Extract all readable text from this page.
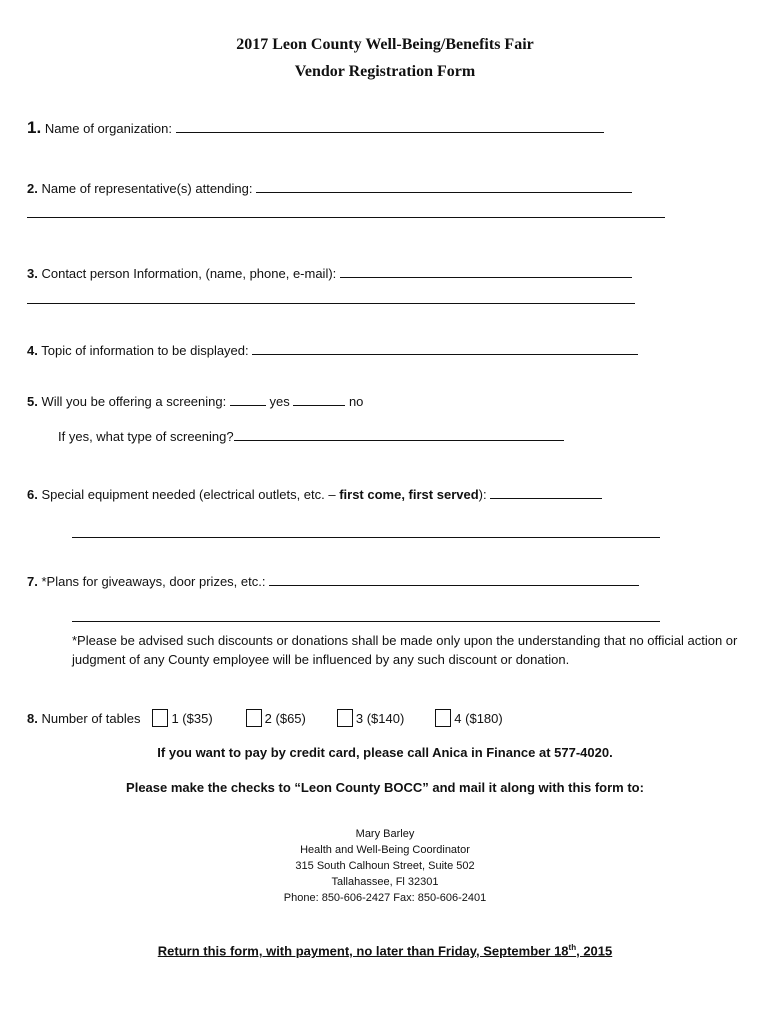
2017 Leon County Well-Being/Benefits Fair
Vendor Registration Form
1. Name of organization:
2. Name of representative(s) attending:
3. Contact person Information, (name, phone, e-mail):
4. Topic of information to be displayed:
5. Will you be offering a screening:	yes	no
If yes, what type of screening?
6. Special equipment needed (electrical outlets, etc. – first come, first served):
7. *Plans for giveaways, door prizes, etc.:
*Please be advised such discounts or donations shall be made only upon the understanding that no official action or judgment of any County employee will be influenced by any such discount or donation.
8.
Number of tables 1 ($35)	2 ($65)	3 ($140)	4 ($180)
If you want to pay by credit card, please call Anica in Finance at 577-4020.
Please make the checks to “Leon County BOCC” and mail it along with this form to:
Mary Barley
Health and Well-Being Coordinator
315 South Calhoun Street, Suite 502
Tallahassee, Fl 32301
Phone: 850-606-2427 Fax: 850-606-2401
Return this form, with payment, no later than Friday, September 18th, 2015
